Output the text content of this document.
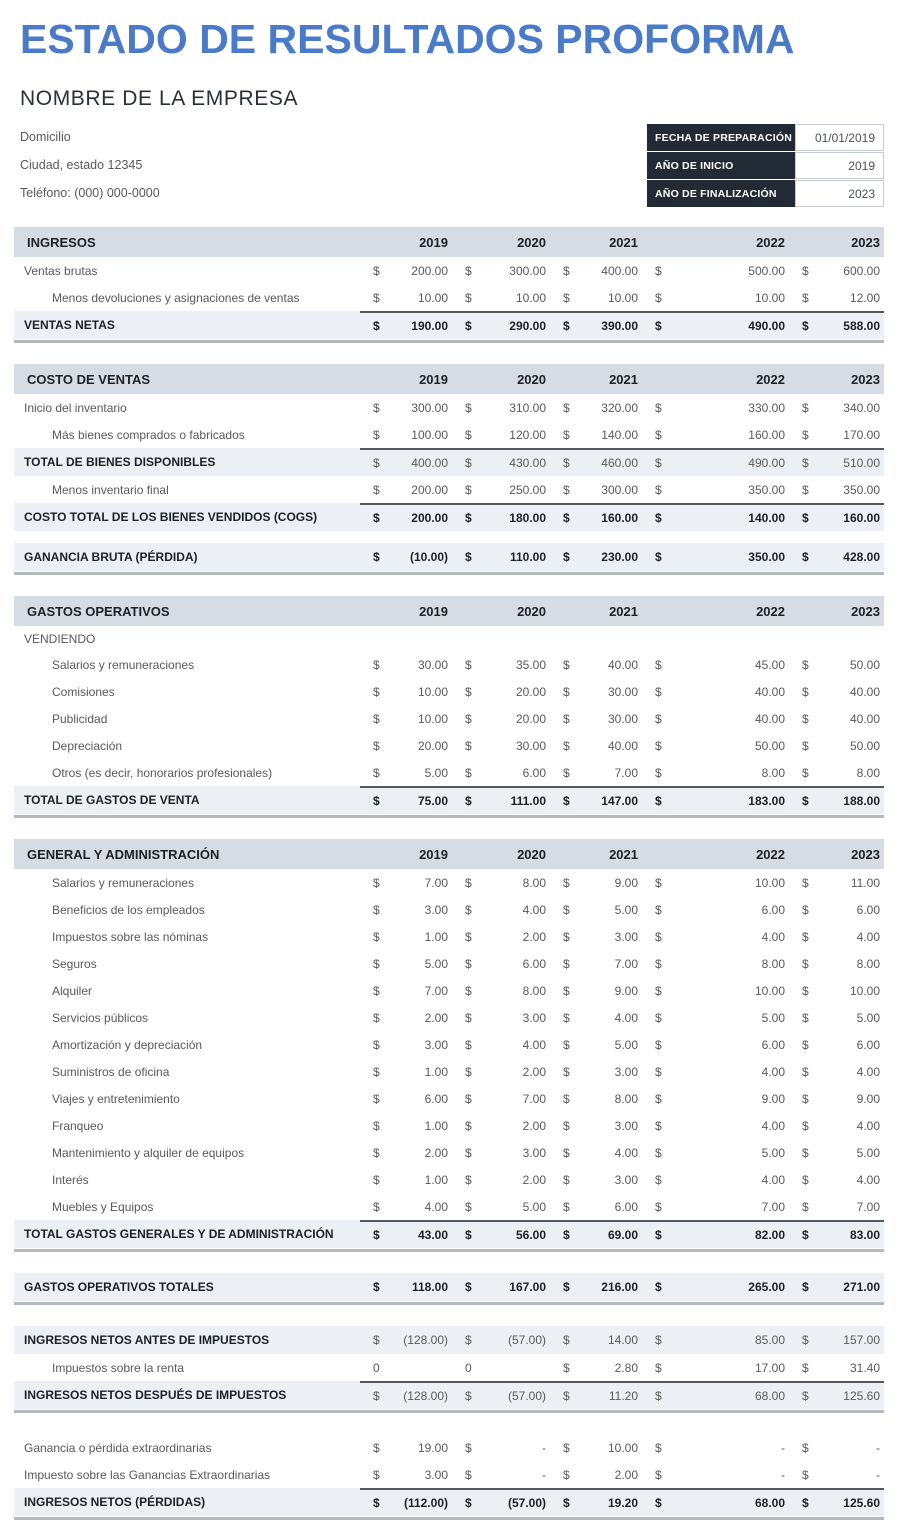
ESTADO DE RESULTADOS PROFORMA
NOMBRE DE LA EMPRESA
Domicilio
Ciudad, estado 12345
Teléfono: (000) 000-0000
FECHA DE PREPARACIÓN	01/01/2019
AÑO DE INICIO	2019
AÑO DE FINALIZACIÓN	2023
INGRESOS	2019	2020	2021	2022	2023
Ventas brutas	$	200.00 $	300.00 $	400.00 $	500.00 $	600.00
Menos devoluciones y asignaciones de ventas	$	10.00 $	10.00 $	10.00 $	10.00 $	12.00
VENTAS NETAS	$	190.00 $	290.00 $	390.00 $	490.00 $	588.00
COSTO DE VENTAS	2019	2020	2021	2022	2023
Inicio del inventario	$	300.00 $	310.00 $	320.00 $	330.00 $	340.00
Más bienes comprados o fabricados	$	100.00 $	120.00 $	140.00 $	160.00 $	170.00
TOTAL DE BIENES DISPONIBLES	$	400.00 $	430.00 $	460.00 $	490.00 $	510.00
Menos inventario final	$	200.00 $	250.00 $	300.00 $	350.00 $	350.00
COSTO TOTAL DE LOS BIENES VENDIDOS (COGS)	$	200.00 $	180.00 $	160.00 $	140.00 $	160.00
GANANCIA BRUTA (PÉRDIDA)	$	(10.00) $	110.00 $	230.00 $	350.00 $	428.00
GASTOS OPERATIVOS	2019	2020	2021	2022	2023
VENDIENDO
Salarios y remuneraciones	$	30.00 $	35.00 $	40.00 $	45.00 $	50.00
Comisiones	$	10.00 $	20.00 $	30.00 $	40.00 $	40.00
Publicidad	$	10.00 $	20.00 $	30.00 $	40.00 $	40.00
Depreciación	$	20.00 $	30.00 $	40.00 $	50.00 $	50.00
Otros (es decir, honorarios profesionales)	$	5.00 $	6.00 $	7.00 $	8.00 $	8.00
TOTAL DE GASTOS DE VENTA	$	75.00 $	111.00 $	147.00 $	183.00 $	188.00
GENERAL Y ADMINISTRACIÓN	2019	2020	2021	2022	2023
Salarios y remuneraciones	$	7.00 $	8.00 $	9.00 $	10.00 $	11.00
Beneficios de los empleados	$	3.00 $	4.00 $	5.00 $	6.00 $	6.00
Impuestos sobre las nóminas	$	1.00 $	2.00 $	3.00 $	4.00 $	4.00
Seguros	$	5.00 $	6.00 $	7.00 $	8.00 $	8.00
Alquiler	$	7.00 $	8.00 $	9.00 $	10.00 $	10.00
Servicios públicos	$	2.00 $	3.00 $	4.00 $	5.00 $	5.00
Amortización y depreciación	$	3.00 $	4.00 $	5.00 $	6.00 $	6.00
Suministros de oficina	$	1.00 $	2.00 $	3.00 $	4.00 $	4.00
Viajes y entretenimiento	$	6.00 $	7.00 $	8.00 $	9.00 $	9.00
Franqueo	$	1.00 $	2.00 $	3.00 $	4.00 $	4.00
Mantenimiento y alquiler de equipos	$	2.00 $	3.00 $	4.00 $	5.00 $	5.00
Interés	$	1.00 $	2.00 $	3.00 $	4.00 $	4.00
Muebles y Equipos	$	4.00 $	5.00 $	6.00 $	7.00 $	7.00
TOTAL GASTOS GENERALES Y DE ADMINISTRACIÓN	$	43.00 $	56.00 $	69.00 $	82.00 $	83.00
GASTOS OPERATIVOS TOTALES	$	118.00 $	167.00 $	216.00 $	265.00 $	271.00
INGRESOS NETOS ANTES DE IMPUESTOS	$ (128.00) $	(57.00) $	14.00 $	85.00 $	157.00
Impuestos sobre la renta	0	0	$	2.80 $	17.00 $	31.40
INGRESOS NETOS DESPUÉS DE IMPUESTOS	$ (128.00) $	(57.00) $	11.20 $	68.00 $	125.60
Ganancia o pérdida extraordinarias	$	19.00 $	- $	10.00 $	- $	-
Impuesto sobre las Ganancias Extraordinarias	$	3.00 $	- $	2.00 $	- $	-
INGRESOS NETOS (PÉRDIDAS)	$ (112.00) $	(57.00) $	19.20 $	68.00 $	125.60
